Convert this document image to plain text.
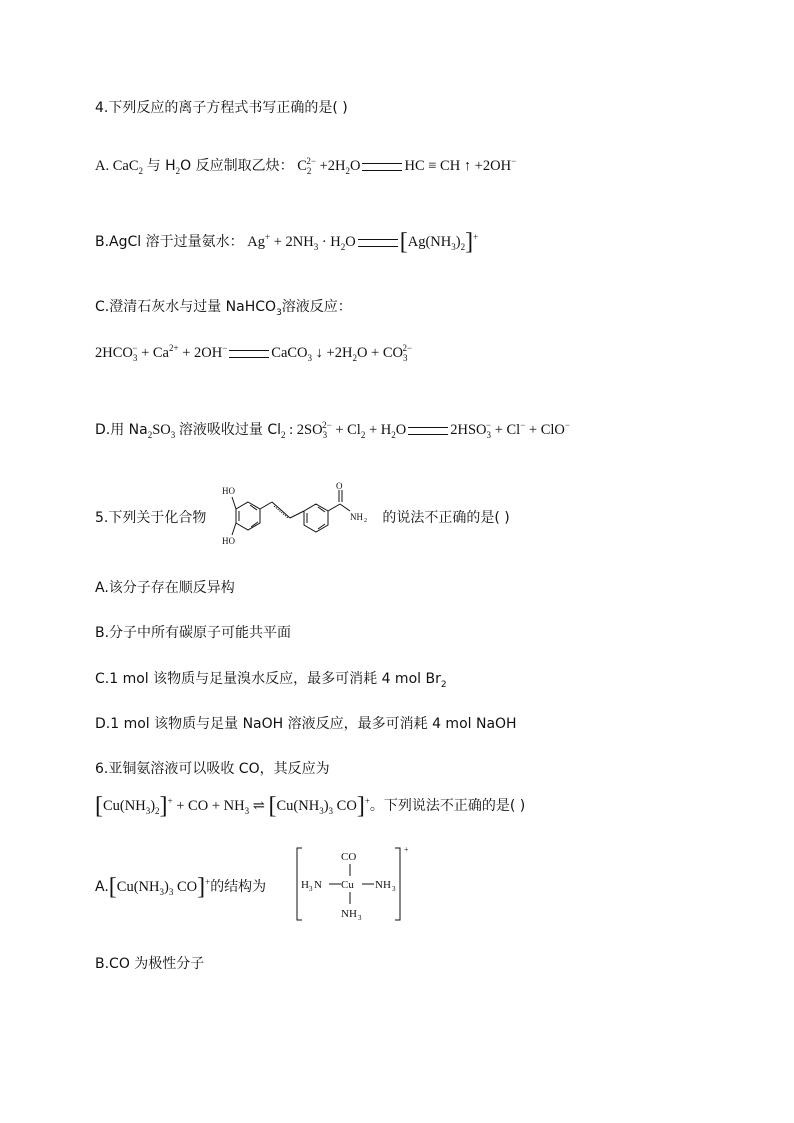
4.下列反应的离子方程式书写正确的是( )
A. CaC$_2$ 与 $H_2O$ 反应制取乙炔： $C_2^{2-} +2H_2O$	HC ≡ CH ↑ +2OH−
B.AgCl 溶于过量氨水： $Ag^+ + 2NH_3 \cdot H_2O$ $[Ag(NH_3)_2]^+$
C.澄清石灰水与过量 NaHCO$_3$溶液反应：
$2HCO_3^- + Ca^{2+} + 2OH^-$	CaCO$_3$ ↓ $+2H_2O + CO_3^{2-}$
D.用 $Na_2SO_3$ 溶液吸收过量 $Cl_2$ : $2SO_3^{2-} + Cl_2 + H_2O$	$2HSO_3^- + Cl^- + ClO^-$
5.下列关于化合物	的说法不正确的是( )
HO
HO
O
NH 2
A.该分子存在顺反异构
B.分子中所有碳原子可能共平面
C.1 mol 该物质与足量溴水反应，最多可消耗 4 mol $Br_2$
D.1 mol 该物质与足量 NaOH 溶液反应，最多可消耗 4 mol NaOH
6.亚铜氨溶液可以吸收 CO，其反应为
$[Cu(NH_3)_2]^+$ + CO + $NH_3$ ⇌ [$Cu(NH_3)_3$ CO]+。下列说法不正确的是( )
$A.[Cu(NH_3)_3$ CO]+的结构为
CO
H 3 N Cu NH 3
NH 3
+
B.CO 为极性分子
